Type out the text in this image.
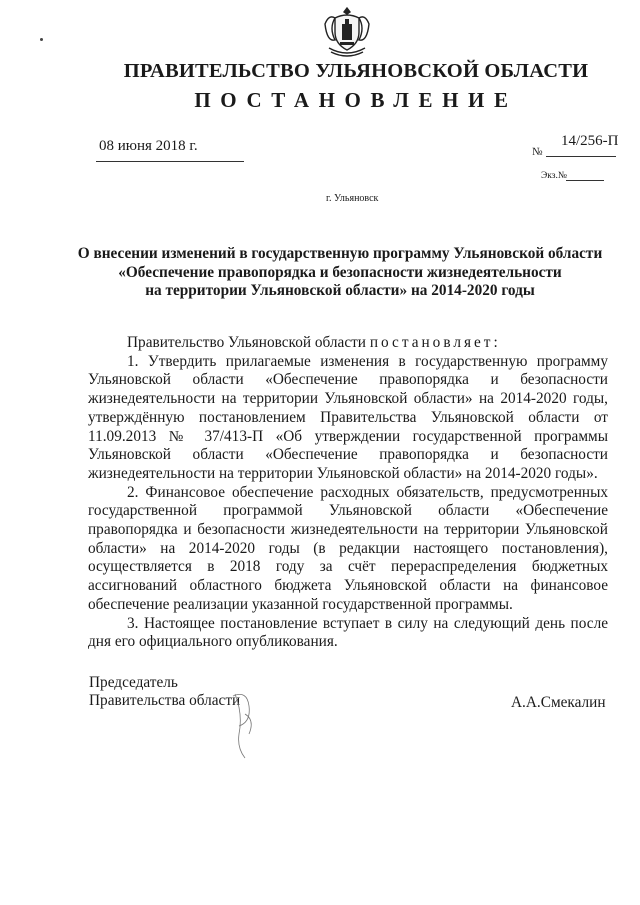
ПРАВИТЕЛЬСТВО УЛЬЯНОВСКОЙ ОБЛАСТИ
ПОСТАНОВЛЕНИЕ
08 июня 2018 г.	№
14/256-П
Экз.№
г. Ульяновск
О внесении изменений в государственную программу Ульяновской области
«Обеспечение правопорядка и безопасности жизнедеятельности
на территории Ульяновской области» на 2014-2020 годы
Правительство Ульяновской области постановляет:
1. Утвердить прилагаемые изменения в государственную программу Ульяновской области «Обеспечение правопорядка и безопасности жизнедеятельности на территории Ульяновской области» на 2014-2020 годы, утверждённую постановлением Правительства Ульяновской области от 11.09.2013 № 37/413-П «Об утверждении государственной программы Ульяновской области «Обеспечение правопорядка и безопасности жизнедеятельности на территории Ульяновской области» на 2014-2020 годы».
2. Финансовое обеспечение расходных обязательств, предусмотренных государственной программой Ульяновской области «Обеспечение правопорядка и безопасности жизнедеятельности на территории Ульяновской области» на 2014-2020 годы (в редакции настоящего постановления), осуществляется в 2018 году за счёт перераспределения бюджетных ассигнований областного бюджета Ульяновской области на финансовое обеспечение реализации указанной государственной программы.
3. Настоящее постановление вступает в силу на следующий день после дня его официального опубликования.
Председатель
Правительства области	А.А.Смекалин
